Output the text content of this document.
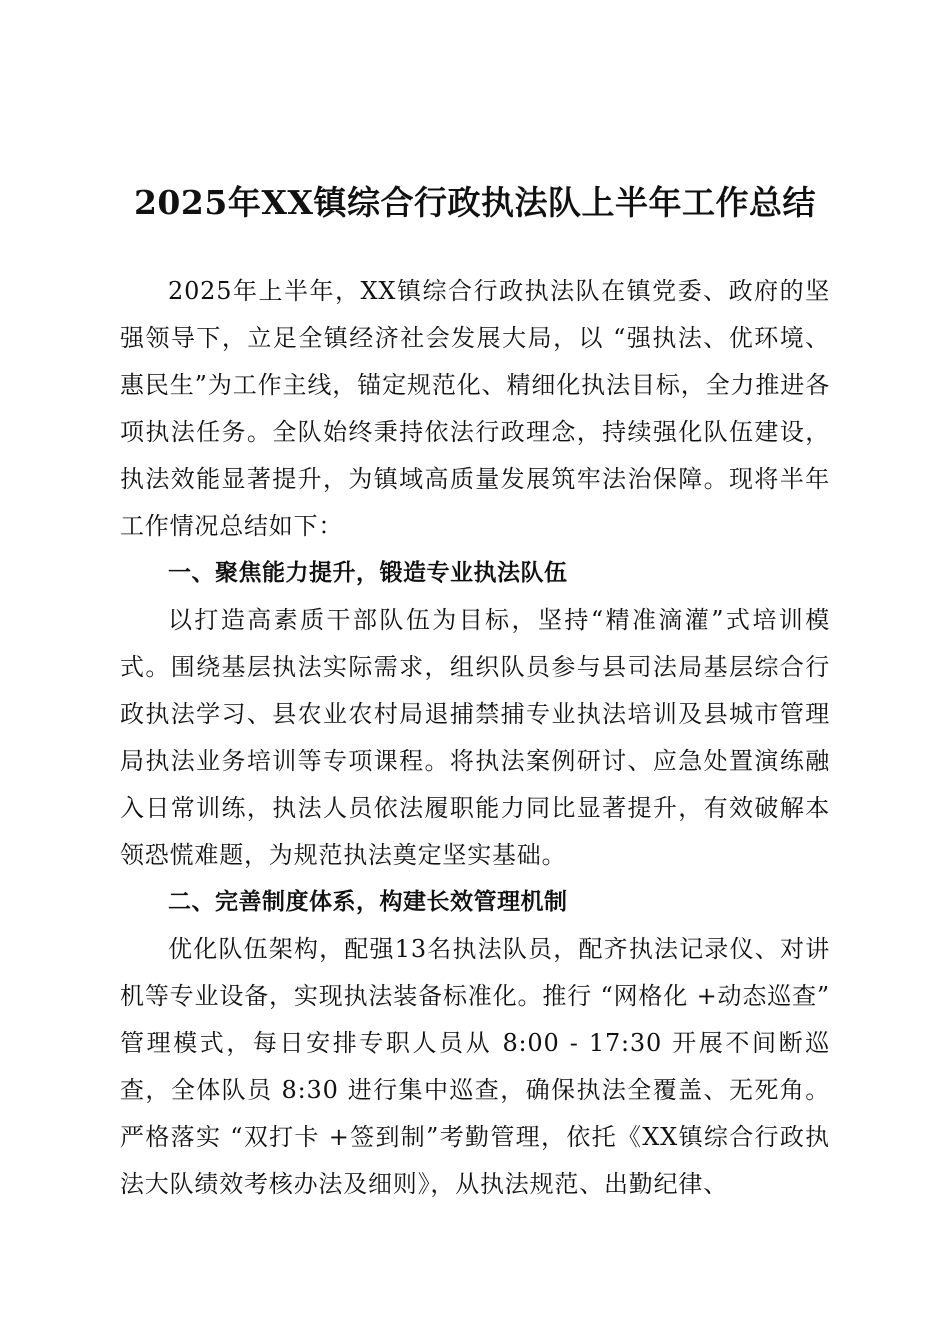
2025年XX镇综合行政执法队上半年工作总结

2025年上半年，XX镇综合行政执法队在镇党委、政府的坚强领导下，立足全镇经济社会发展大局，以 “强执法、优环境、惠民生”为工作主线，锚定规范化、精细化执法目标，全力推进各项执法任务。全队始终秉持依法行政理念，持续强化队伍建设，执法效能显著提升，为镇域高质量发展筑牢法治保障。现将半年工作情况总结如下：

一、聚焦能力提升，锻造专业执法队伍

以打造高素质干部队伍为目标，坚持“精准滴灌”式培训模式。围绕基层执法实际需求，组织队员参与县司法局基层综合行政执法学习、县农业农村局退捕禁捕专业执法培训及县城市管理局执法业务培训等专项课程。将执法案例研讨、应急处置演练融入日常训练，执法人员依法履职能力同比显著提升，有效破解本领恐慌难题，为规范执法奠定坚实基础。

二、完善制度体系，构建长效管理机制

优化队伍架构，配强13名执法队员，配齐执法记录仪、对讲机等专业设备，实现执法装备标准化。推行 “网格化 +动态巡查” 管理模式，每日安排专职人员从 8:00 - 17:30 开展不间断巡查，全体队员 8:30 进行集中巡查，确保执法全覆盖、无死角。严格落实 “双打卡 +签到制”考勤管理，依托《XX镇综合行政执法大队绩效考核办法及细则》，从执法规范、出勤纪律、
